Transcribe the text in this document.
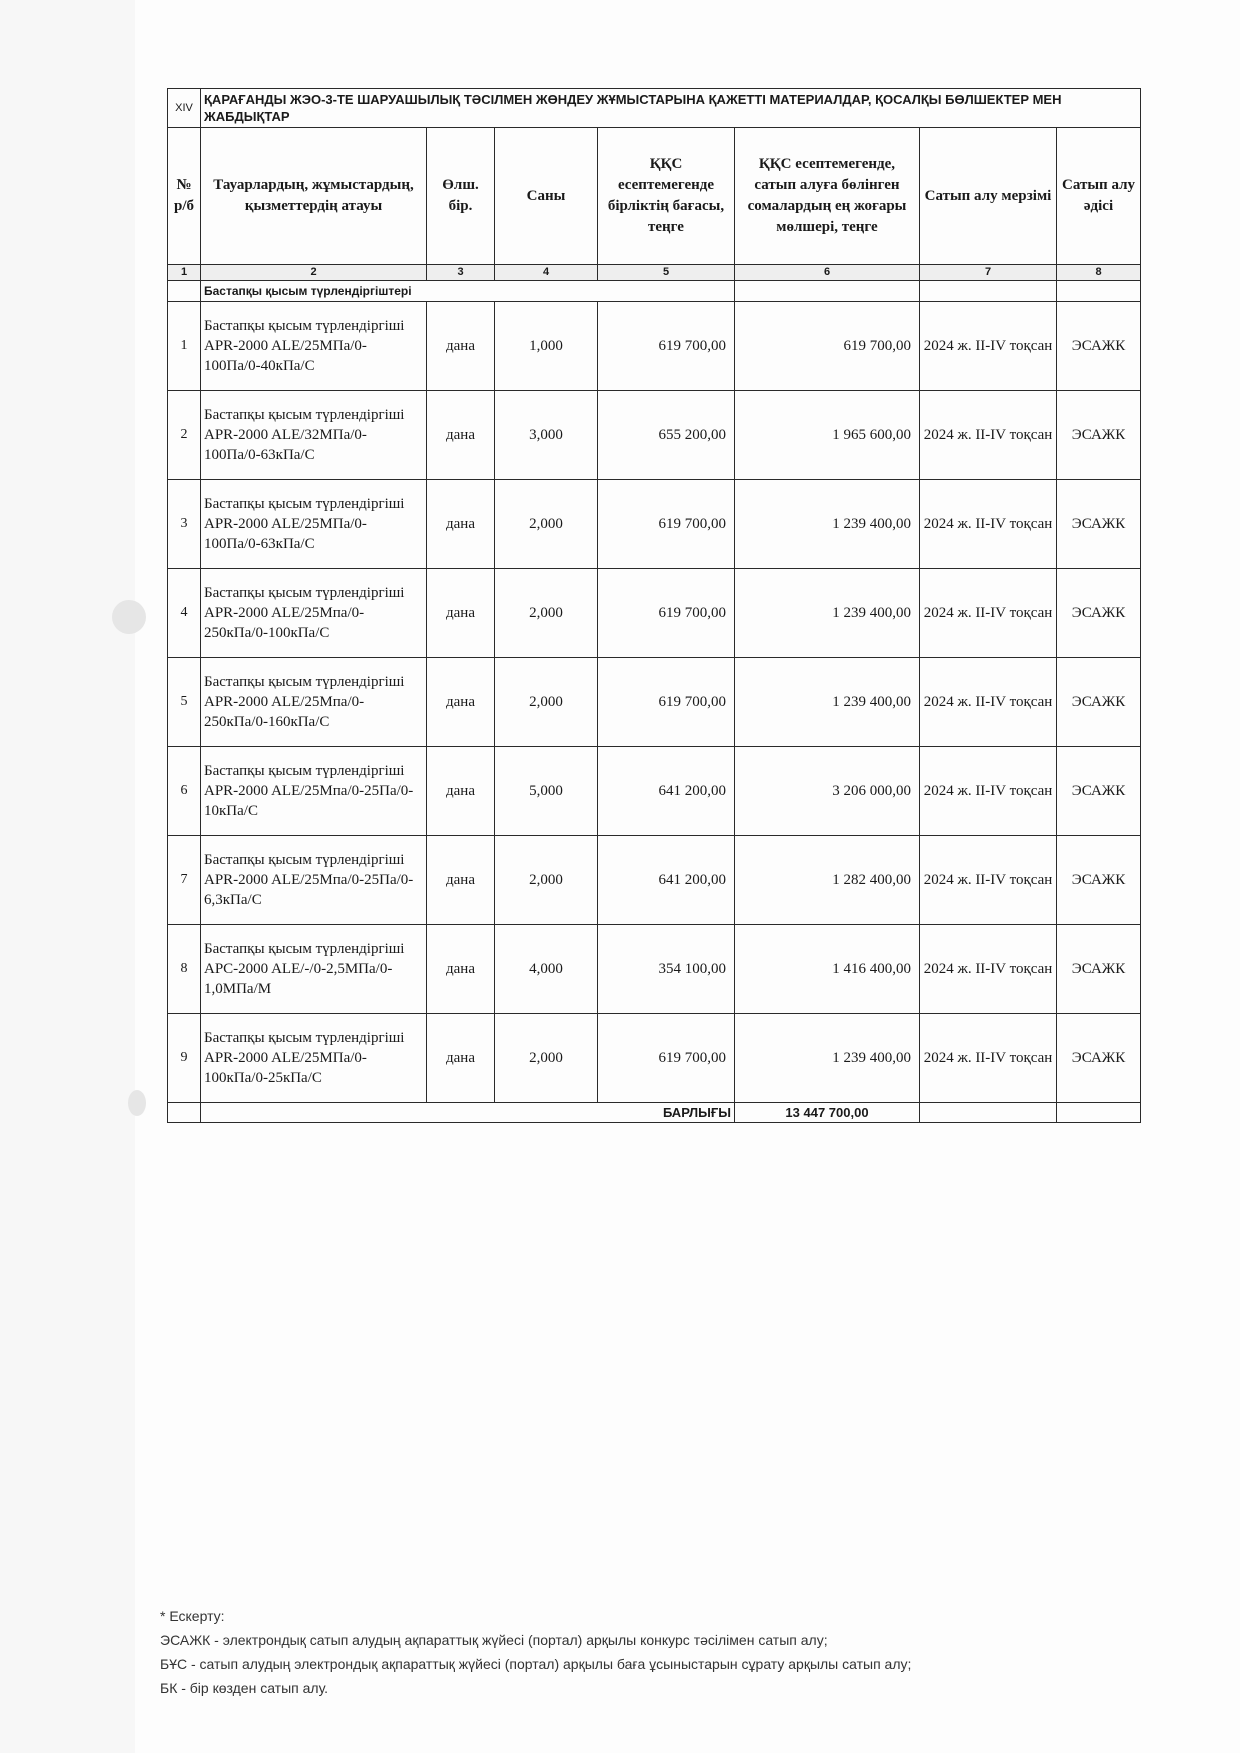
XIV	ҚАРАҒАНДЫ ЖЭО-3-ТЕ ШАРУАШЫЛЫҚ ТӘСІЛМЕН ЖӨНДЕУ ЖҰМЫСТАРЫНА ҚАЖЕТТІ МАТЕРИАЛДАР, ҚОСАЛҚЫ БӨЛШЕКТЕР МЕН ЖАБДЫҚТАР						
№ р/б	Тауарлардың, жұмыстардың, қызметтердің атауы	Өлш. бір.	Саны	ҚҚС есептемегенде бірліктің бағасы, теңге	ҚҚС есептемегенде, сатып алуға бөлінген сомалардың ең жоғары мөлшері, теңге	Сатып алу мерзімі	Сатып алу әдісі
1	2	3	4	5	6	7	8
	Бастапқы қысым түрлендіргіштері						
1	Бастапқы қысым түрлендіргіші APR-2000 ALE/25МПа/0-100Па/0-40кПа/С	дана	1,000	619 700,00	619 700,00	2024 ж. II-IV тоқсан	ЭСАЖК
2	Бастапқы қысым түрлендіргіші APR-2000 ALE/32МПа/0-100Па/0-63кПа/С	дана	3,000	655 200,00	1 965 600,00	2024 ж. II-IV тоқсан	ЭСАЖК
3	Бастапқы қысым түрлендіргіші APR-2000 ALE/25МПа/0-100Па/0-63кПа/С	дана	2,000	619 700,00	1 239 400,00	2024 ж. II-IV тоқсан	ЭСАЖК
4	Бастапқы қысым түрлендіргіші APR-2000 ALE/25Мпа/0-250кПа/0-100кПа/С	дана	2,000	619 700,00	1 239 400,00	2024 ж. II-IV тоқсан	ЭСАЖК
5	Бастапқы қысым түрлендіргіші APR-2000 ALE/25Мпа/0-250кПа/0-160кПа/С	дана	2,000	619 700,00	1 239 400,00	2024 ж. II-IV тоқсан	ЭСАЖК
6	Бастапқы қысым түрлендіргіші APR-2000 ALE/25Мпа/0-25Па/0-10кПа/С	дана	5,000	641 200,00	3 206 000,00	2024 ж. II-IV тоқсан	ЭСАЖК
7	Бастапқы қысым түрлендіргіші APR-2000 ALE/25Мпа/0-25Па/0-6,3кПа/С	дана	2,000	641 200,00	1 282 400,00	2024 ж. II-IV тоқсан	ЭСАЖК
8	Бастапқы қысым түрлендіргіші APC-2000 ALE/-/0-2,5МПа/0-1,0МПа/М	дана	4,000	354 100,00	1 416 400,00	2024 ж. II-IV тоқсан	ЭСАЖК
9	Бастапқы қысым түрлендіргіші APR-2000 ALE/25МПа/0-100кПа/0-25кПа/С	дана	2,000	619 700,00	1 239 400,00	2024 ж. II-IV тоқсан	ЭСАЖК
	БАРЛЫҒЫ				13 447 700,00		
* Ескерту:
ЭСАЖК - электрондық сатып алудың ақпараттық жүйесі (портал) арқылы конкурс тәсілімен сатып алу;
БҰС - сатып алудың электрондық ақпараттық жүйесі (портал) арқылы баға ұсыныстарын сұрату арқылы сатып алу;
БК - бір көзден сатып алу.
